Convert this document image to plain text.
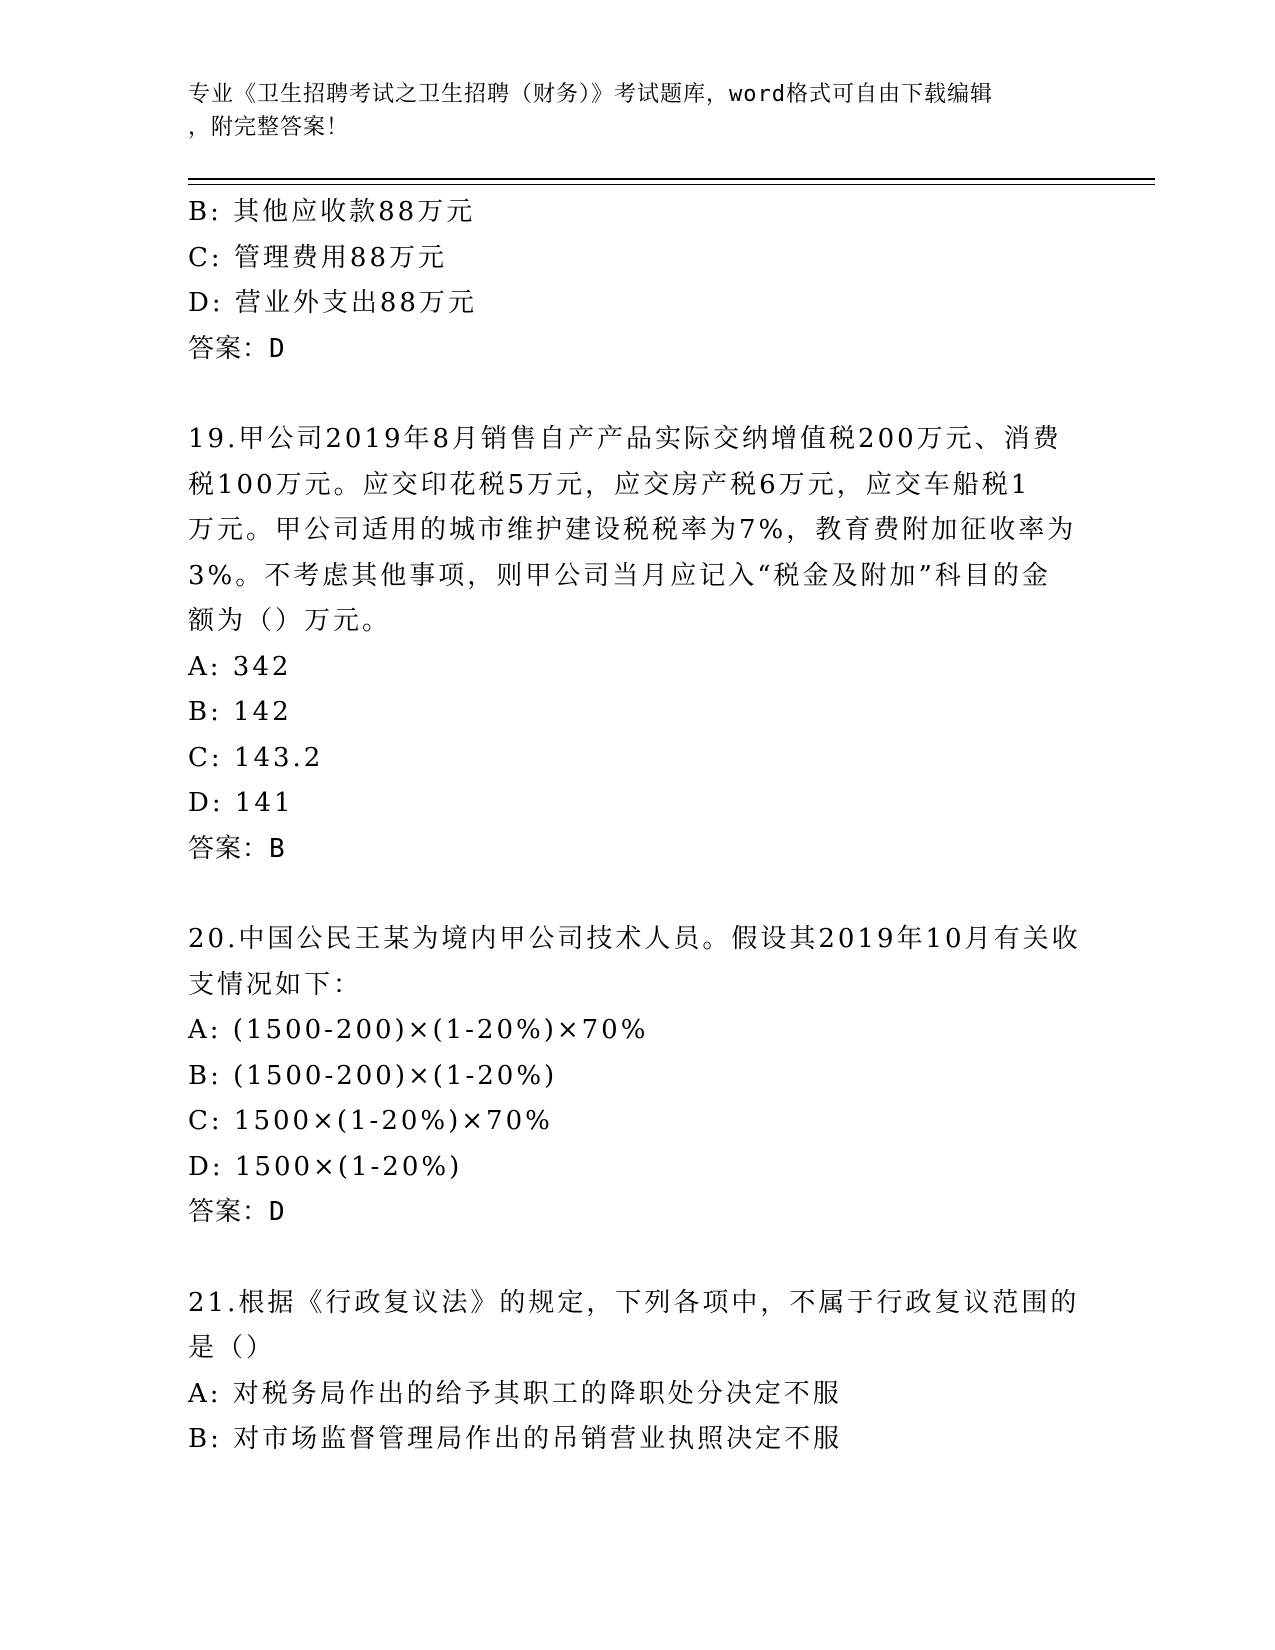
专业《卫生招聘考试之卫生招聘（财务）》考试题库，word格式可自由下载编辑
，附完整答案！
B: 其他应收款88万元
C: 管理费用88万元
D: 营业外支出88万元
答案：D
19.甲公司2019年8月销售自产产品实际交纳增值税200万元、消费
税100万元。应交印花税5万元，应交房产税6万元，应交车船税1
万元。甲公司适用的城市维护建设税税率为7%，教育费附加征收率为
3%。不考虑其他事项，则甲公司当月应记入“税金及附加”科目的金
额为（）万元。
A: 342
B: 142
C: 143.2
D: 141
答案：B
20.中国公民王某为境内甲公司技术人员。假设其2019年10月有关收
支情况如下：
A: (1500-200)×(1-20%)×70%
B: (1500-200)×(1-20%)
C: 1500×(1-20%)×70%
D: 1500×(1-20%)
答案：D
21.根据《行政复议法》的规定，下列各项中，不属于行政复议范围的
是（）
A: 对税务局作出的给予其职工的降职处分决定不服
B: 对市场监督管理局作出的吊销营业执照决定不服
